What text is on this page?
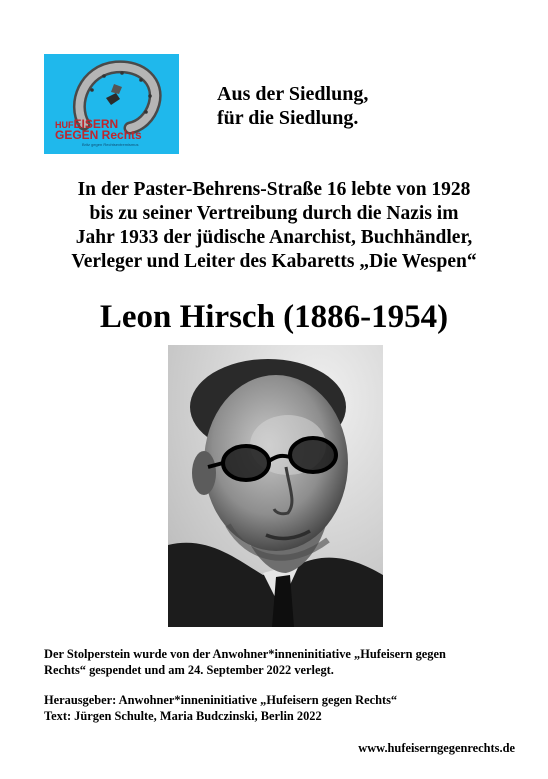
HUFEISERN
GEGEN Rechts
Britz gegen Rechtsextremismus
Aus der Siedlung,
für die Siedlung.
In der Paster-Behrens-Straße 16 lebte von 1928
bis zu seiner Vertreibung durch die Nazis im
Jahr 1933 der jüdische Anarchist, Buchhändler,
Verleger und Leiter des Kabaretts „Die Wespen“
Leon Hirsch (1886-1954)
Der Stolperstein wurde von der Anwohner*inneninitiative „Hufeisern gegen
Rechts“ gespendet und am 24. September 2022 verlegt.
Herausgeber: Anwohner*inneninitiative „Hufeisern gegen Rechts“
Text: Jürgen Schulte, Maria Budczinski, Berlin 2022
www.hufeiserngegenrechts.de
